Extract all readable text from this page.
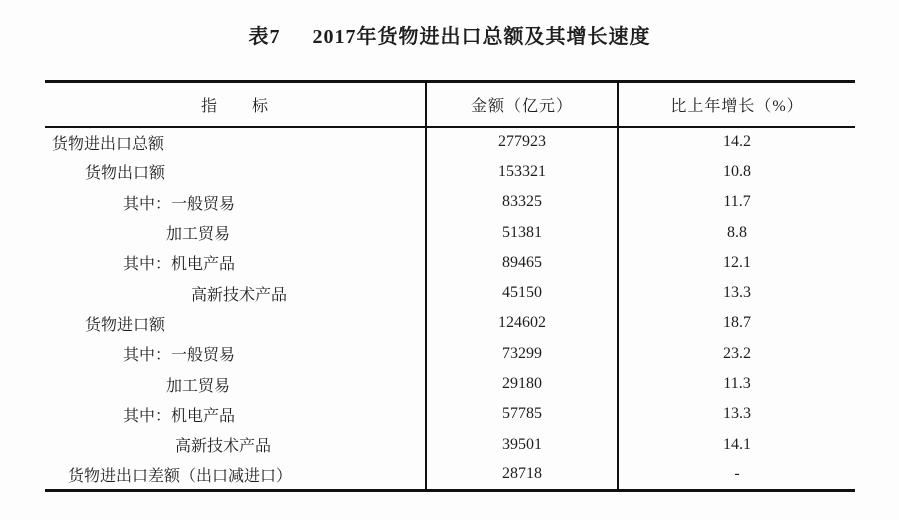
表7 2017年货物进出口总额及其增长速度
指　　标	金额（亿元）	比上年增长（%）
货物进出口总额	277923	14.2
货物出口额	153321	10.8
其中：一般贸易	83325	11.7
加工贸易	51381	8.8
其中：机电产品	89465	12.1
高新技术产品	45150	13.3
货物进口额	124602	18.7
其中：一般贸易	73299	23.2
加工贸易	29180	11.3
其中：机电产品	57785	13.3
高新技术产品	39501	14.1
货物进出口差额（出口减进口）	28718	-
